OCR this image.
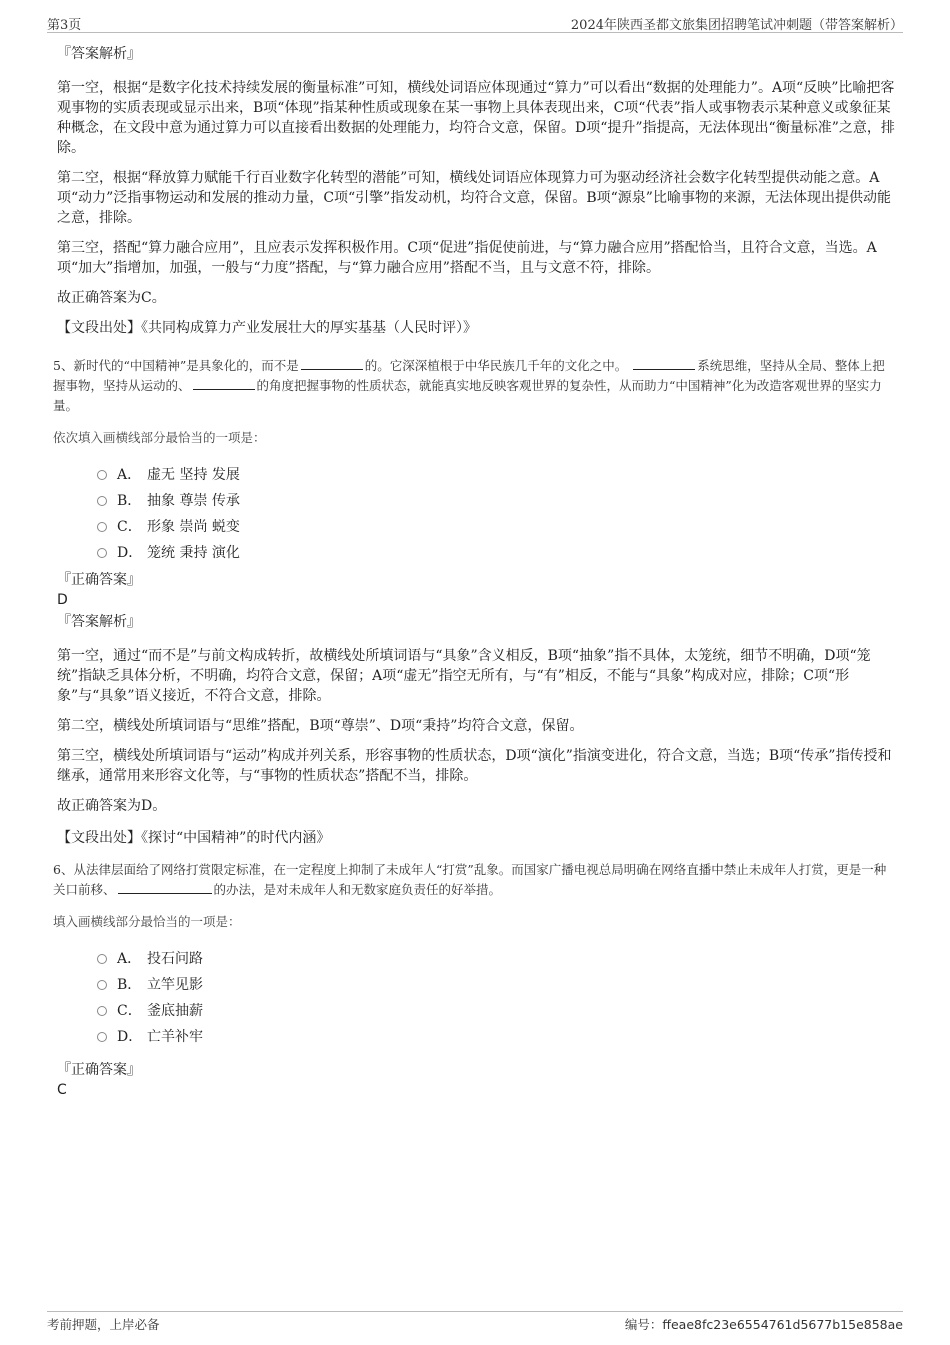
第3页	2024年陕西圣都文旅集团招聘笔试冲刺题（带答案解析）

『答案解析』

第一空，根据“是数字化技术持续发展的衡量标准”可知，横线处词语应体现通过“算力”可以看出“数据的处理能力”。A项“反映”比喻把客观事物的实质表现或显示出来，B项“体现”指某种性质或现象在某一事物上具体表现出来，C项“代表”指人或事物表示某种意义或象征某种概念，在文段中意为通过算力可以直接看出数据的处理能力，均符合文意，保留。D项“提升”指提高，无法体现出“衡量标准”之意，排除。

第二空，根据“释放算力赋能千行百业数字化转型的潜能”可知，横线处词语应体现算力可为驱动经济社会数字化转型提供动能之意。A项“动力”泛指事物运动和发展的推动力量，C项“引擎”指发动机，均符合文意，保留。B项“源泉”比喻事物的来源，无法体现出提供动能之意，排除。

第三空，搭配“算力融合应用”，且应表示发挥积极作用。C项“促进”指促使前进，与“算力融合应用”搭配恰当，且符合文意，当选。A项“加大”指增加，加强，一般与“力度”搭配，与“算力融合应用”搭配不当，且与文意不符，排除。

故正确答案为C。

【文段出处】《共同构成算力产业发展壮大的厚实基基（人民时评）》

5、新时代的“中国精神”是具象化的，而不是	的。它深深植根于中华民族几千年的文化之中。	系统思维，坚持从全局、整体上把握事物，坚持从运动的、	的角度把握事物的性质状态，就能真实地反映客观世界的复杂性，从而助力“中国精神”化为改造客观世界的坚实力量。

依次填入画横线部分最恰当的一项是：

A． 虚无 坚持 发展
B． 抽象 尊崇 传承
C． 形象 崇尚 蜕变
D． 笼统 秉持 演化

『正确答案』

D

『答案解析』

第一空，通过“而不是”与前文构成转折，故横线处所填词语与“具象”含义相反，B项“抽象”指不具体，太笼统，细节不明确，D项“笼统”指缺乏具体分析，不明确，均符合文意，保留；A项“虚无”指空无所有，与“有”相反，不能与“具象”构成对应，排除；C项“形象”与“具象”语义接近，不符合文意，排除。

第二空，横线处所填词语与“思维”搭配，B项“尊崇”、D项“秉持”均符合文意，保留。

第三空，横线处所填词语与“运动”构成并列关系，形容事物的性质状态，D项“演化”指演变进化，符合文意，当选；B项“传承”指传授和继承，通常用来形容文化等，与“事物的性质状态”搭配不当，排除。

故正确答案为D。

【文段出处】《探讨“中国精神”的时代内涵》

6、从法律层面给了网络打赏限定标准，在一定程度上抑制了未成年人“打赏”乱象。而国家广播电视总局明确在网络直播中禁止未成年人打赏，更是一种关口前移、	的办法，是对未成年人和无数家庭负责任的好举措。

填入画横线部分最恰当的一项是：

A． 投石问路
B． 立竿见影
C． 釜底抽薪
D． 亡羊补牢

『正确答案』

C

考前押题，上岸必备	编号：ffeae8fc23e6554761d5677b15e858ae
